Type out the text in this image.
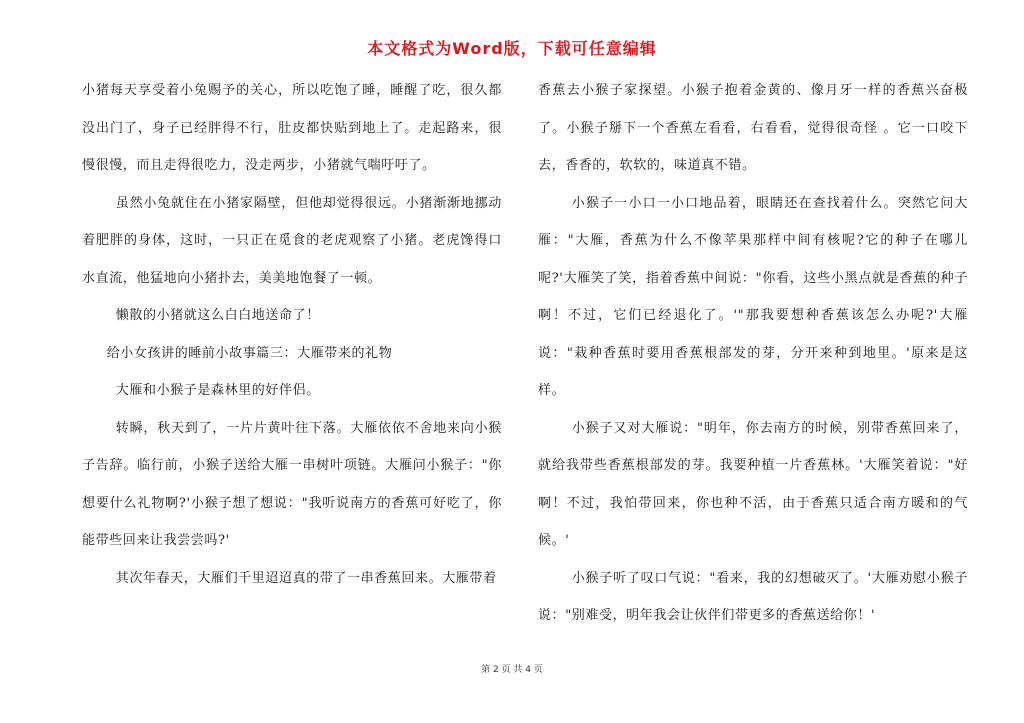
本文格式为Word版，下载可任意编辑

小猪每天享受着小兔赐予的关心，所以吃饱了睡，睡醒了吃，很久都没出门了，身子已经胖得不行，肚皮都快贴到地上了。走起路来，很慢很慢，而且走得很吃力，没走两步，小猪就气喘吁吁了。

虽然小兔就住在小猪家隔壁，但他却觉得很远。小猪渐渐地挪动着肥胖的身体，这时，一只正在觅食的老虎观察了小猪。老虎馋得口水直流，他猛地向小猪扑去，美美地饱餐了一顿。

懒散的小猪就这么白白地送命了！

给小女孩讲的睡前小故事篇三：大雁带来的礼物

大雁和小猴子是森林里的好伴侣。

转瞬，秋天到了，一片片黄叶往下落。大雁依依不舍地来向小猴子告辞。临行前，小猴子送给大雁一串树叶项链。大雁问小猴子："你想要什么礼物啊?'小猴子想了想说："我听说南方的香蕉可好吃了，你能带些回来让我尝尝吗?'

其次年春天，大雁们千里迢迢真的带了一串香蕉回来。大雁带着

香蕉去小猴子家探望。小猴子抱着金黄的、像月牙一样的香蕉兴奋极了。小猴子掰下一个香蕉左看看，右看看，觉得很奇怪 。它一口咬下去，香香的，软软的，味道真不错。

小猴子一小口一小口地品着，眼睛还在查找着什么。突然它问大雁："大雁，香蕉为什么不像苹果那样中间有核呢?它的种子在哪儿呢?'大雁笑了笑，指着香蕉中间说："你看，这些小黑点就是香蕉的种子啊！不过，它们已经退化了。'"那我要想种香蕉该怎么办呢?'大雁说："栽种香蕉时要用香蕉根部发的芽，分开来种到地里。'原来是这样。

小猴子又对大雁说："明年，你去南方的时候，别带香蕉回来了，就给我带些香蕉根部发的芽。我要种植一片香蕉林。'大雁笑着说："好啊！不过，我怕带回来，你也种不活，由于香蕉只适合南方暖和的气候。'

小猴子听了叹口气说："看来，我的幻想破灭了。'大雁劝慰小猴子说："别难受，明年我会让伙伴们带更多的香蕉送给你！'

第 2 页 共 4 页
